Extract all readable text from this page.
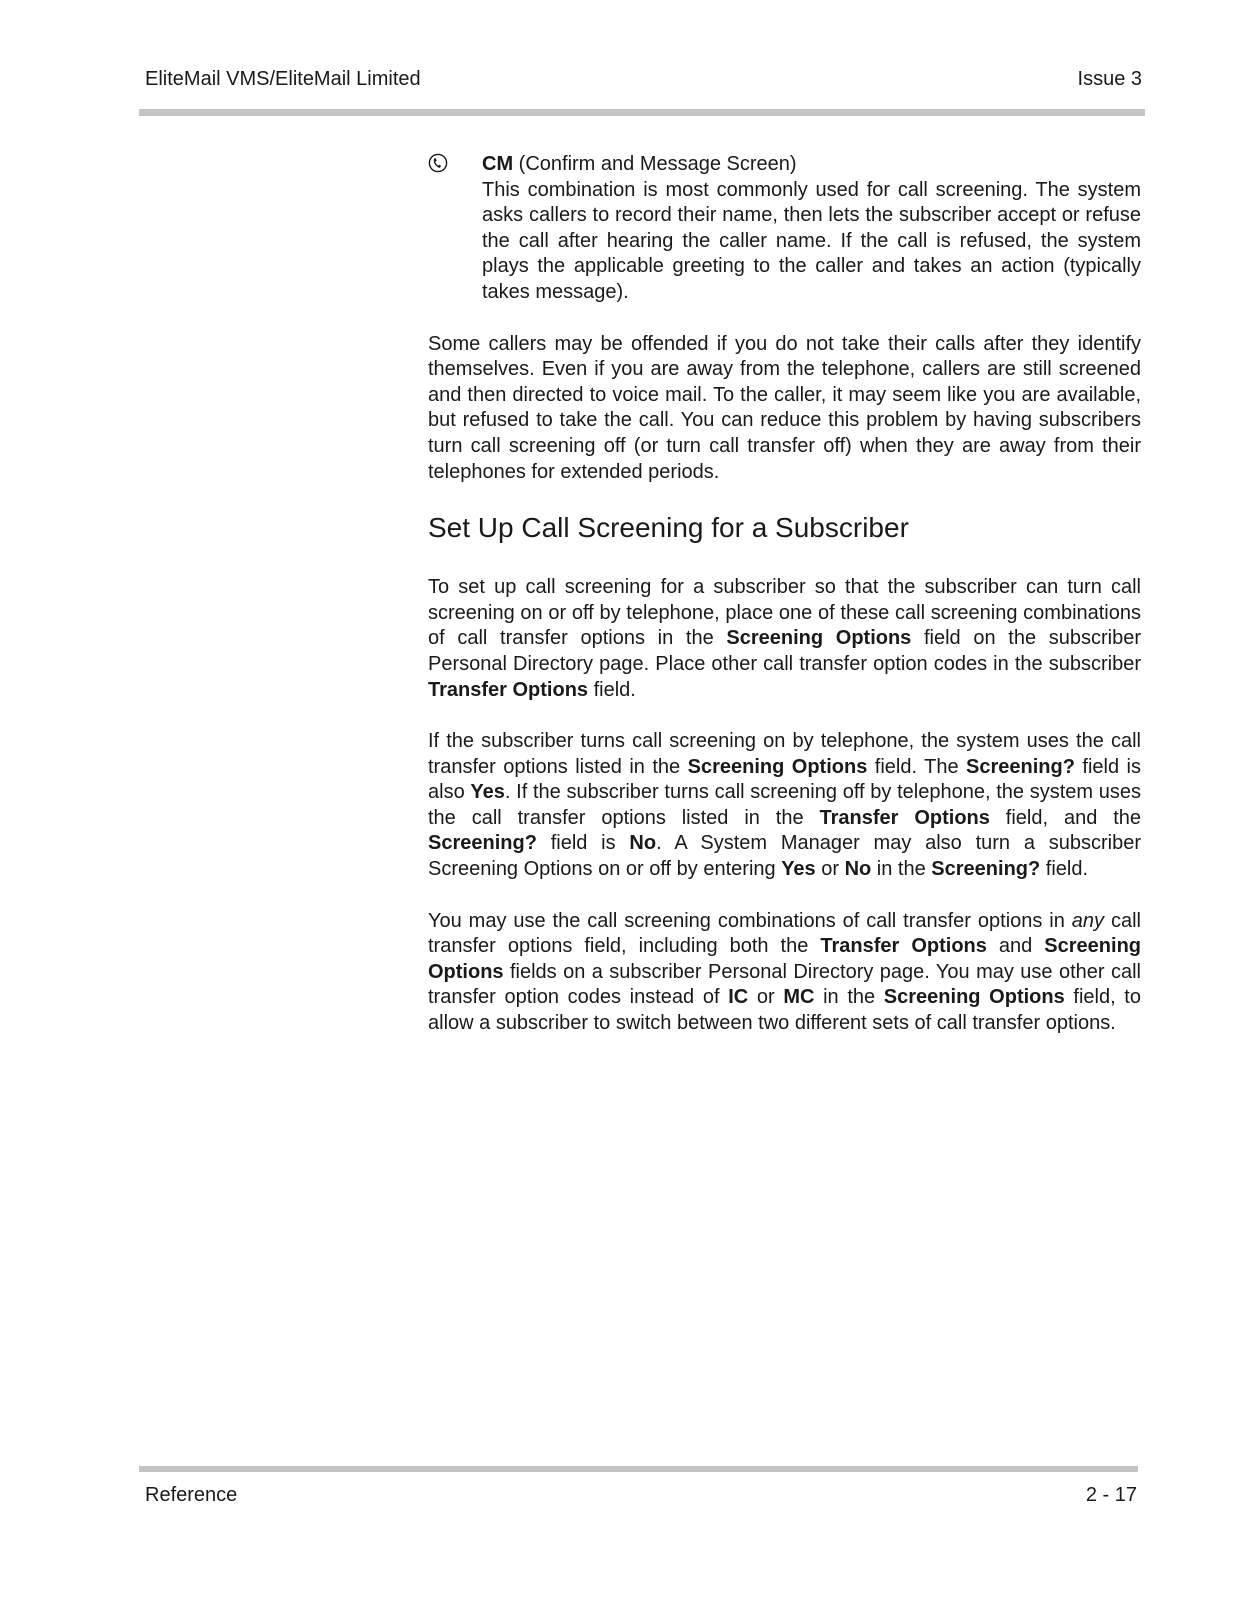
EliteMail VMS/EliteMail Limited	Issue 3
CM (Confirm and Message Screen)

This combination is most commonly used for call screening. The system asks callers to record their name, then lets the subscriber accept or refuse the call after hearing the caller name. If the call is refused, the system plays the applicable greeting to the caller and takes an action (typically takes message).

Some callers may be offended if you do not take their calls after they identify themselves. Even if you are away from the telephone, callers are still screened and then directed to voice mail. To the caller, it may seem like you are available, but refused to take the call. You can reduce this problem by having subscribers turn call screening off (or turn call transfer off) when they are away from their telephones for extended periods.

Set Up Call Screening for a Subscriber

To set up call screening for a subscriber so that the subscriber can turn call screening on or off by telephone, place one of these call screening combinations of call transfer options in the Screening Options field on the subscriber Personal Directory page. Place other call transfer option codes in the subscriber Transfer Options field.

If the subscriber turns call screening on by telephone, the system uses the call transfer options listed in the Screening Options field. The Screening? field is also Yes. If the subscriber turns call screening off by telephone, the system uses the call transfer options listed in the Transfer Options field, and the Screening? field is No. A System Manager may also turn a subscriber Screening Options on or off by entering Yes or No in the Screening? field.

You may use the call screening combinations of call transfer options in any call transfer options field, including both the Transfer Options and Screening Options fields on a subscriber Personal Directory page. You may use other call transfer option codes instead of IC or MC in the Screening Options field, to allow a subscriber to switch between two different sets of call transfer options.

Reference	2 - 17
